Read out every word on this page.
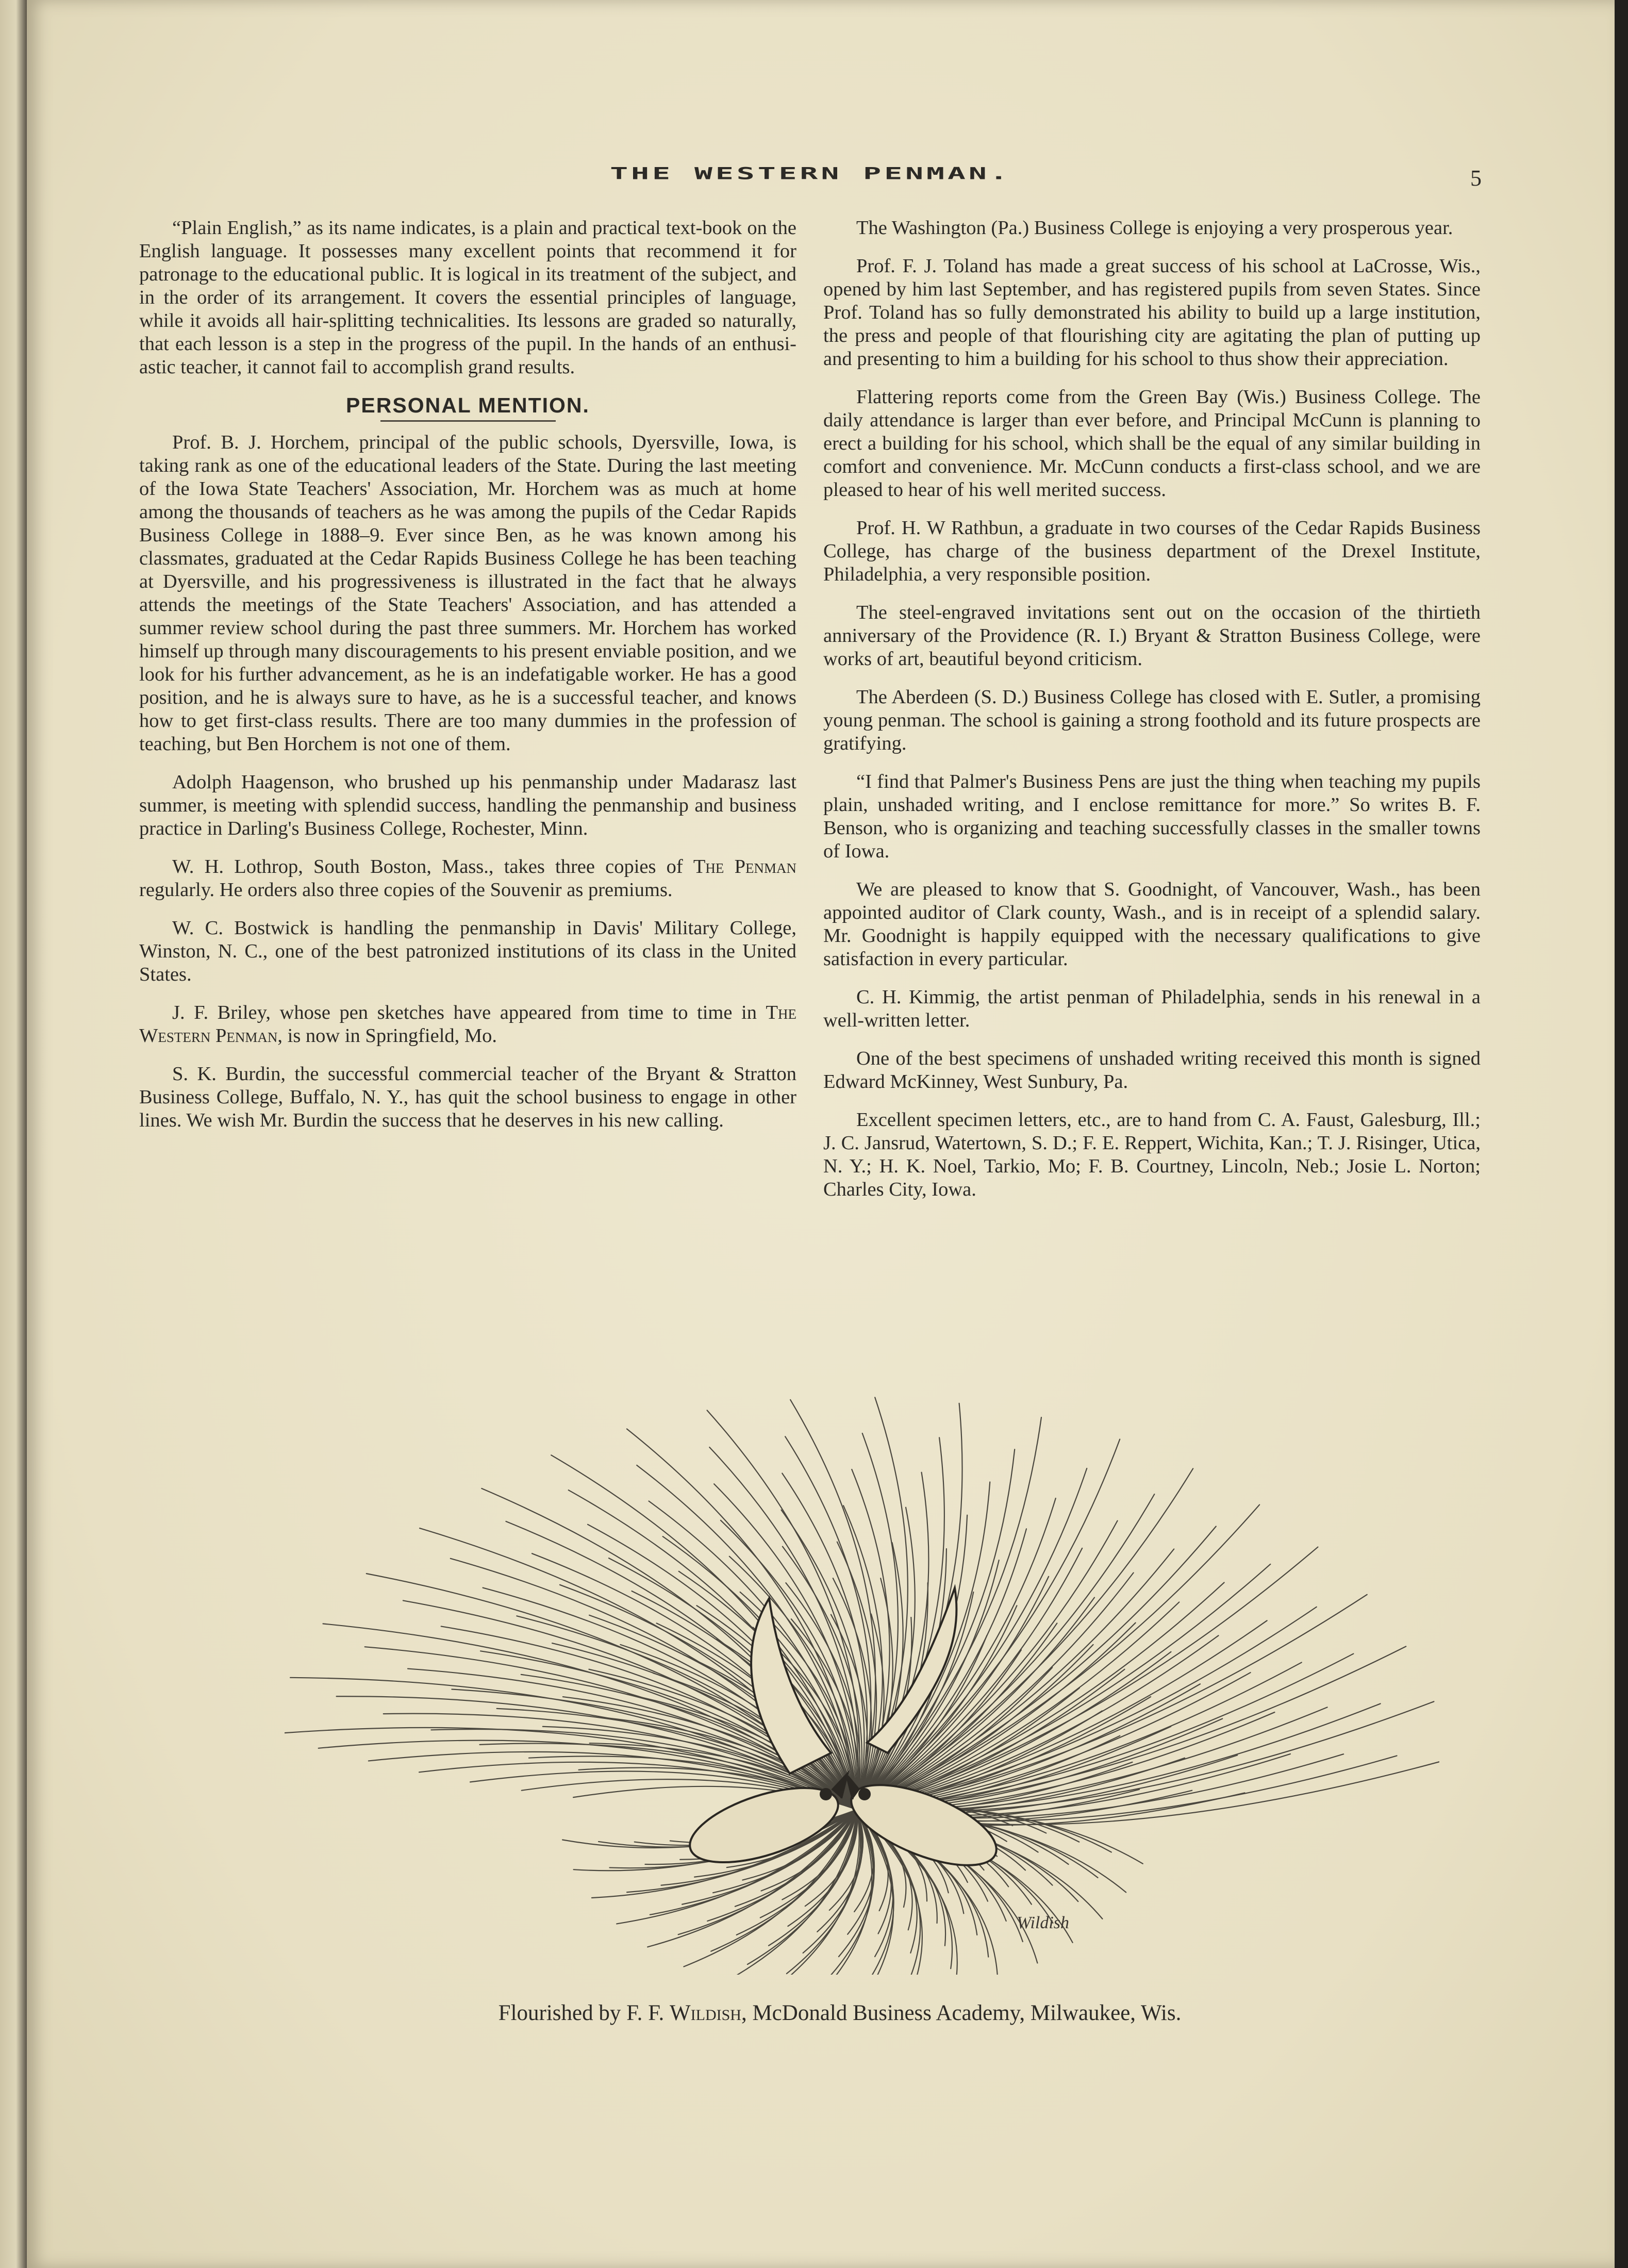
THE WESTERN PENMAN.	5

“Plain English,” as its name indicates, is a plain and practical text-book on the English language. It possesses many excellent points that recommend it for patronage to the educational public. It is logical in its treatment of the subject, and in the order of its arrangement. It covers the essential principles of language, while it avoids all hair-splitting technicalities. Its lessons are graded so naturally, that each lesson is a step in the progress of the pupil. In the hands of an enthusiastic teacher, it cannot fail to accomplish grand results.

PERSONAL MENTION.

Prof. B. J. Horchem, principal of the public schools, Dyersville, Iowa, is taking rank as one of the educational leaders of the State. During the last meeting of the Iowa State Teachers' Association, Mr. Horchem was as much at home among the thousands of teachers as he was among the pupils of the Cedar Rapids Business College in 1888–9. Ever since Ben, as he was known among his classmates, graduated at the Cedar Rapids Business College he has been teaching at Dyersville, and his progressiveness is illustrated in the fact that he always attends the meetings of the State Teachers' Association, and has attended a summer review school during the past three summers. Mr. Horchem has worked himself up through many discouragements to his present enviable position, and we look for his further advancement, as he is an indefatigable worker. He has a good position, and he is always sure to have, as he is a successful teacher, and knows how to get first-class results. There are too many dummies in the profession of teaching, but Ben Horchem is not one of them.

Adolph Haagenson, who brushed up his penmanship under Madarasz last summer, is meeting with splendid success, handling the penmanship and business practice in Darling's Business College, Rochester, Minn.

W. H. Lothrop, South Boston, Mass., takes three copies of The Penman regularly. He orders also three copies of the Souvenir as premiums.

W. C. Bostwick is handling the penmanship in Davis' Military College, Winston, N. C., one of the best patronized institutions of its class in the United States.

J. F. Briley, whose pen sketches have appeared from time to time in The Western Penman, is now in Springfield, Mo.

S. K. Burdin, the successful commercial teacher of the Bryant & Stratton Business College, Buffalo, N. Y., has quit the school business to engage in other lines. We wish Mr. Burdin the success that he deserves in his new calling.

The Washington (Pa.) Business College is enjoying a very prosperous year.

Prof. F. J. Toland has made a great success of his school at LaCrosse, Wis., opened by him last September, and has registered pupils from seven States. Since Prof. Toland has so fully demonstrated his ability to build up a large institution, the press and people of that flourishing city are agitating the plan of putting up and presenting to him a building for his school to thus show their appreciation.

Flattering reports come from the Green Bay (Wis.) Business College. The daily attendance is larger than ever before, and Principal McCunn is planning to erect a building for his school, which shall be the equal of any similar building in comfort and convenience. Mr. McCunn conducts a first-class school, and we are pleased to hear of his well merited success.

Prof. H. W Rathbun, a graduate in two courses of the Cedar Rapids Business College, has charge of the business department of the Drexel Institute, Philadelphia, a very responsible position.

The steel-engraved invitations sent out on the occasion of the thirtieth anniversary of the Providence (R. I.) Bryant & Stratton Business College, were works of art, beautiful beyond criticism.

The Aberdeen (S. D.) Business College has closed with E. Sutler, a promising young penman. The school is gaining a strong foothold and its future prospects are gratifying.

“I find that Palmer's Business Pens are just the thing when teaching my pupils plain, unshaded writing, and I enclose remittance for more.” So writes B. F. Benson, who is organizing and teaching successfully classes in the smaller towns of Iowa.

We are pleased to know that S. Goodnight, of Vancouver, Wash., has been appointed auditor of Clark county, Wash., and is in receipt of a splendid salary. Mr. Goodnight is happily equipped with the necessary qualifications to give satisfaction in every particular.

C. H. Kimmig, the artist penman of Philadelphia, sends in his renewal in a well-written letter.

One of the best specimens of unshaded writing received this month is signed Edward McKinney, West Sunbury, Pa.

Excellent specimen letters, etc., are to hand from C. A. Faust, Galesburg, Ill.; J. C. Jansrud, Watertown, S. D.; F. E. Reppert, Wichita, Kan.; T. J. Risinger, Utica, N. Y.; H. K. Noel, Tarkio, Mo; F. B. Courtney, Lincoln, Neb.; Josie L. Norton; Charles City, Iowa.

Wildish
Flourished by F. F. Wildish, McDonald Business Academy, Milwaukee, Wis.
